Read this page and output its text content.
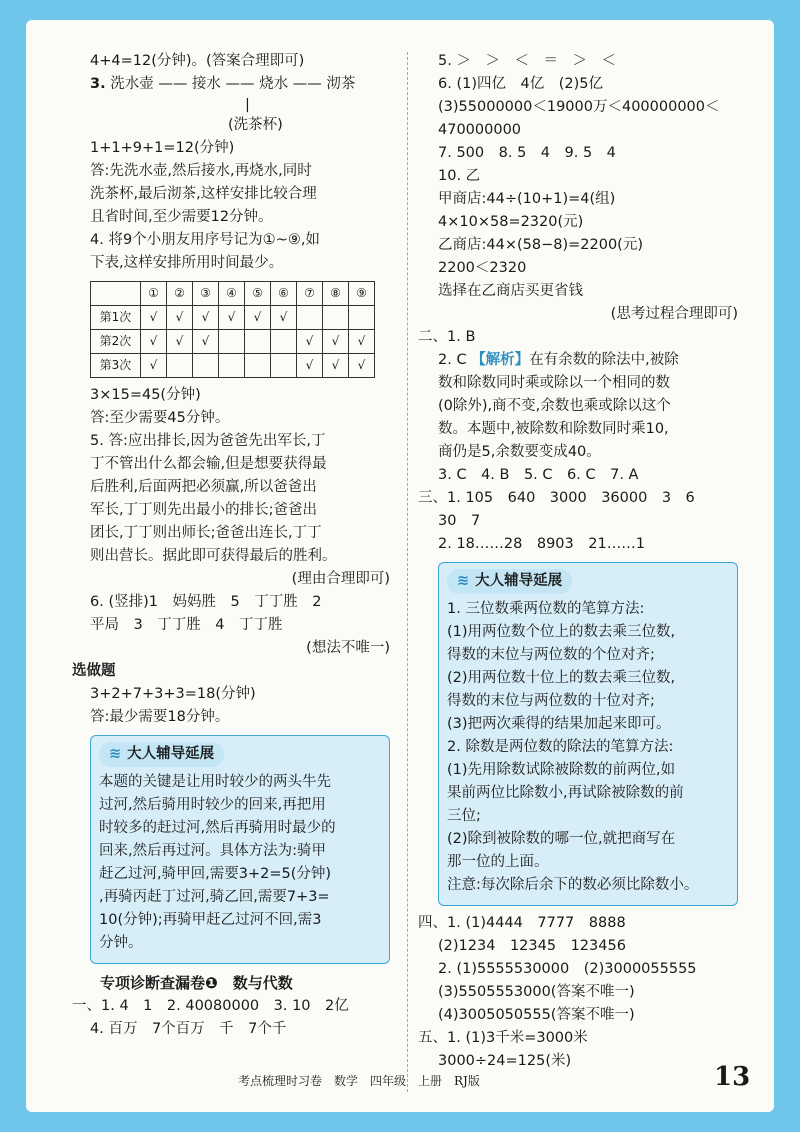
4+4=12(分钟)。(答案合理即可)
3. 洗水壶 —— 接水 —— 烧水 —— 沏茶
|
(洗茶杯)
1+1+9+1=12(分钟)
答:先洗水壶,然后接水,再烧水,同时
洗茶杯,最后沏茶,这样安排比较合理
且省时间,至少需要12分钟。
4. 将9个小朋友用序号记为①~⑨,如
下表,这样安排所用时间最少。
	①	②	③	④	⑤	⑥	⑦	⑧	⑨
第1次	√	√	√	√	√	√			
第2次	√	√	√				√	√	√
第3次	√						√	√	√
3×15=45(分钟)
答:至少需要45分钟。
5. 答:应出排长,因为爸爸先出军长,丁
丁不管出什么都会输,但是想要获得最
后胜利,后面两把必须赢,所以爸爸出
军长,丁丁则先出最小的排长;爸爸出
团长,丁丁则出师长;爸爸出连长,丁丁
则出营长。据此即可获得最后的胜利。
(理由合理即可)
6. (竖排)1　妈妈胜　5　丁丁胜　2
平局　3　丁丁胜　4　丁丁胜
(想法不唯一)
选做题
3+2+7+3+3=18(分钟)
答:最少需要18分钟。
≋ 大人辅导延展
本题的关键是让用时较少的两头牛先
过河,然后骑用时较少的回来,再把用
时较多的赶过河,然后再骑用时最少的
回来,然后再过河。具体方法为:骑甲
赶乙过河,骑甲回,需要3+2=5(分钟)
,再骑丙赶丁过河,骑乙回,需要7+3=
10(分钟);再骑甲赶乙过河不回,需3
分钟。
专项诊断查漏卷❶　数与代数
一、1. 4　1　2. 40080000　3. 10　2亿
4. 百万　7个百万　千　7个千
5. ＞　＞　＜　＝　＞　＜
6. (1)四亿　4亿　(2)5亿
(3)55000000＜19000万＜400000000＜
470000000
7. 500　8. 5　4　9. 5　4
10. 乙
甲商店:44÷(10+1)=4(组)
4×10×58=2320(元)
乙商店:44×(58−8)=2200(元)
2200＜2320
选择在乙商店买更省钱
(思考过程合理即可)
二、1. B
2. C 【解析】在有余数的除法中,被除
数和除数同时乘或除以一个相同的数
(0除外),商不变,余数也乘或除以这个
数。本题中,被除数和除数同时乘10,
商仍是5,余数要变成40。
3. C　4. B　5. C　6. C　7. A
三、1. 105　640　3000　36000　3　6
30　7
2. 18……28　8903　21……1
≋ 大人辅导延展
1. 三位数乘两位数的笔算方法:
(1)用两位数个位上的数去乘三位数,
得数的末位与两位数的个位对齐;
(2)用两位数十位上的数去乘三位数,
得数的末位与两位数的十位对齐;
(3)把两次乘得的结果加起来即可。
2. 除数是两位数的除法的笔算方法:
(1)先用除数试除被除数的前两位,如
果前两位比除数小,再试除被除数的前
三位;
(2)除到被除数的哪一位,就把商写在
那一位的上面。
注意:每次除后余下的数必须比除数小。
四、1. (1)4444　7777　8888
(2)1234　12345　123456
2. (1)5555530000　(2)3000055555
(3)5505553000(答案不唯一)
(4)3005050555(答案不唯一)
五、1. (1)3千米=3000米
3000÷24=125(米)
考点梳理时习卷　数学　四年级　上册　RJ版	13
